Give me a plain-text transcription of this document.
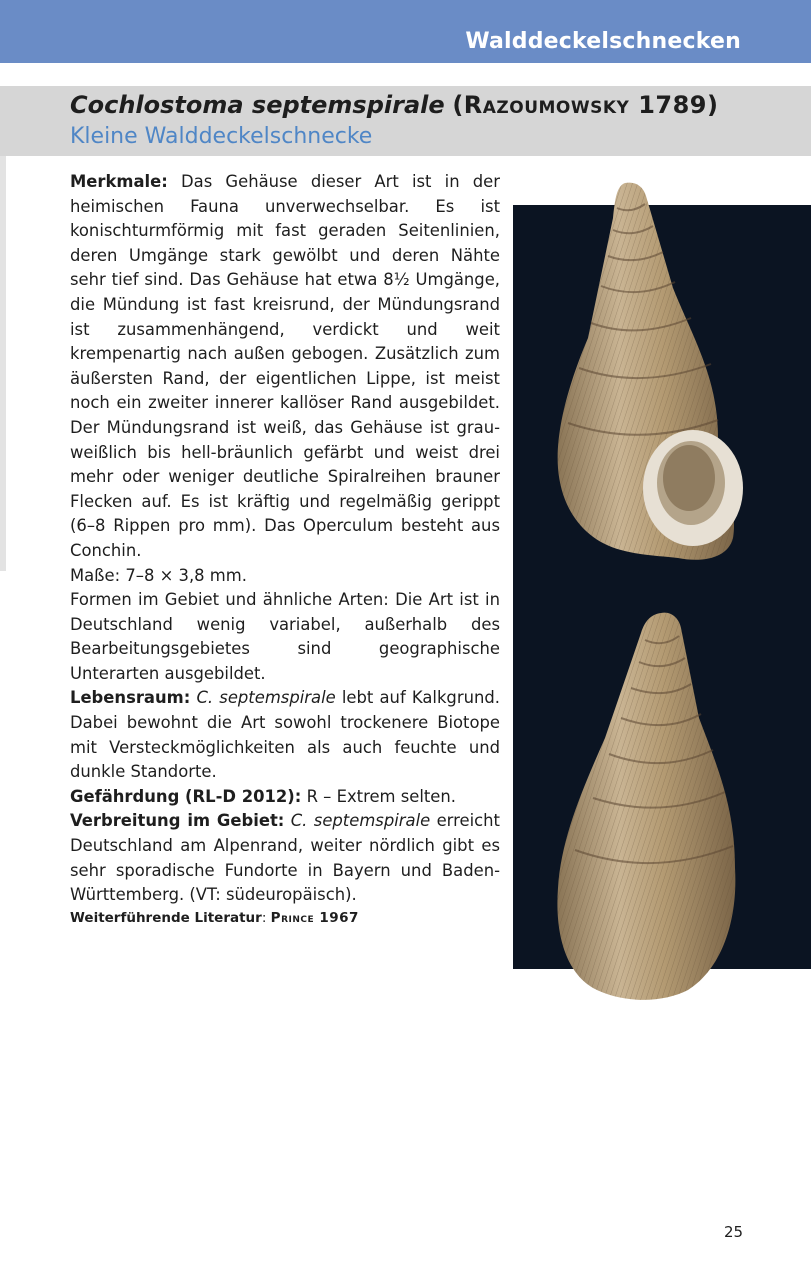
Walddeckelschnecken
Cochlostoma septemspirale (Razoumowsky 1789)
Kleine Walddeckelschnecke

Merkmale: Das Gehäuse dieser Art ist in der heimischen Fauna unverwechselbar. Es ist konischturmförmig mit fast geraden Seitenlinien, deren Umgänge stark gewölbt und deren Nähte sehr tief sind. Das Gehäuse hat etwa 8½ Umgänge, die Mündung ist fast kreisrund, der Mündungsrand ist zusammenhängend, verdickt und weit krempenartig nach außen gebogen. Zusätzlich zum äußersten Rand, der eigentlichen Lippe, ist meist noch ein zweiter innerer kallöser Rand ausgebildet. Der Mündungsrand ist weiß, das Gehäuse ist grau-weißlich bis hell-bräunlich gefärbt und weist drei mehr oder weniger deutliche Spiralreihen brauner Flecken auf. Es ist kräftig und regelmäßig gerippt (6–8 Rippen pro mm). Das Operculum besteht aus Conchin.

Maße: 7–8 × 3,8 mm.

Formen im Gebiet und ähnliche Arten: Die Art ist in Deutschland wenig variabel, außerhalb des Bearbeitungsgebietes sind geographische Unterarten ausgebildet.

Lebensraum: C. septemspirale lebt auf Kalkgrund. Dabei bewohnt die Art sowohl trockenere Biotope mit Versteckmöglichkeiten als auch feuchte und dunkle Standorte.

Gefährdung (RL-D 2012): R – Extrem selten.

Verbreitung im Gebiet: C. septemspirale erreicht Deutschland am Alpenrand, weiter nördlich gibt es sehr sporadische Fundorte in Bayern und Baden-Württemberg. (VT: südeuropäisch).

Weiterführende Literatur: Prince 1967

25
